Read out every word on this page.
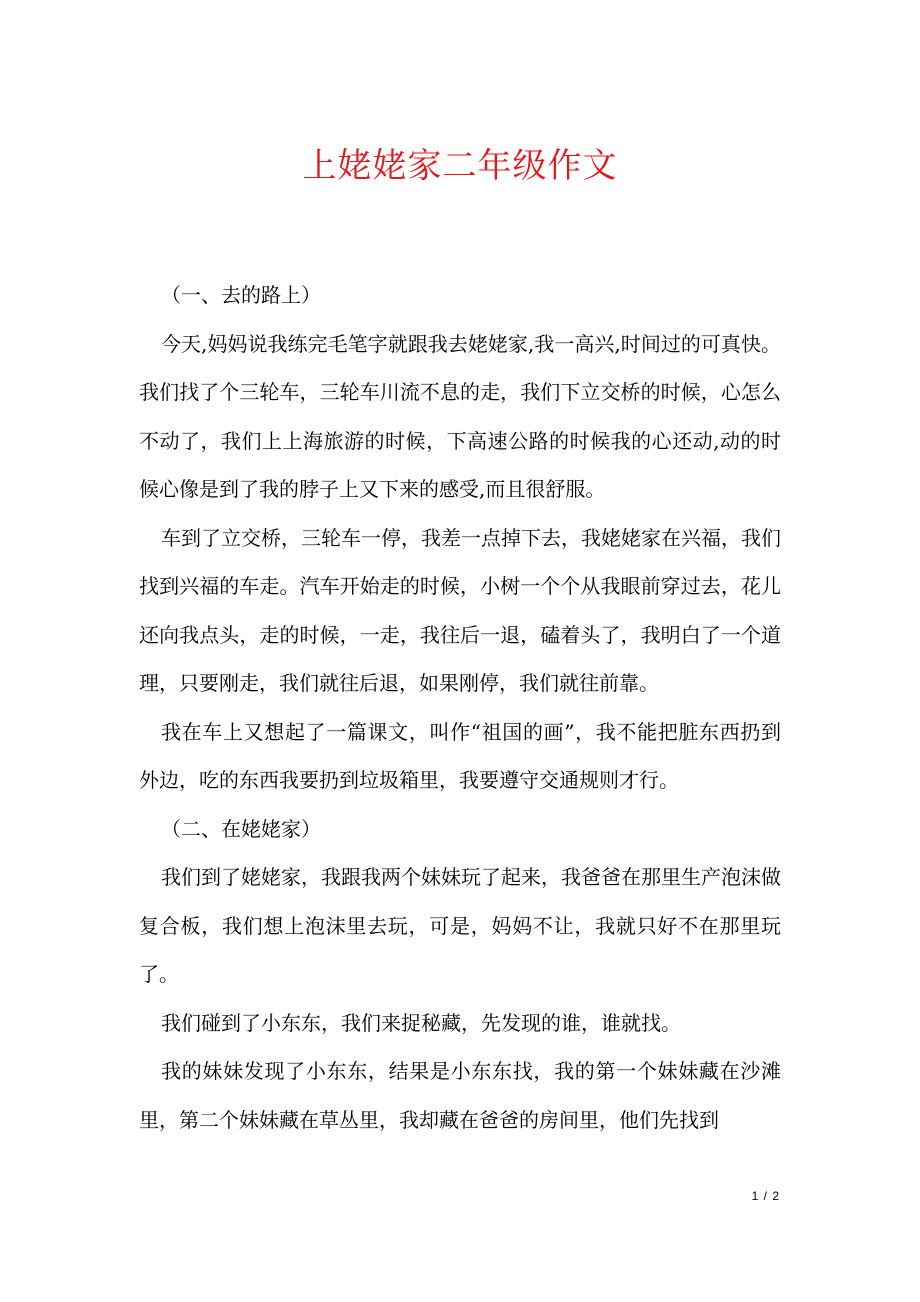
上姥姥家二年级作文

（一、去的路上）

今天,妈妈说我练完毛笔字就跟我去姥姥家,我一高兴,时间过的可真快。我们找了个三轮车，三轮车川流不息的走，我们下立交桥的时候，心怎么不动了，我们上上海旅游的时候，下高速公路的时候我的心还动,动的时候心像是到了我的脖子上又下来的感受,而且很舒服。

车到了立交桥，三轮车一停，我差一点掉下去，我姥姥家在兴福，我们找到兴福的车走。汽车开始走的时候，小树一个个从我眼前穿过去，花儿还向我点头，走的时候，一走，我往后一退，磕着头了，我明白了一个道理，只要刚走，我们就往后退，如果刚停，我们就往前靠。

我在车上又想起了一篇课文，叫作“祖国的画”，我不能把脏东西扔到外边，吃的东西我要扔到垃圾箱里，我要遵守交通规则才行。

（二、在姥姥家）

我们到了姥姥家，我跟我两个妹妹玩了起来，我爸爸在那里生产泡沫做复合板，我们想上泡沫里去玩，可是，妈妈不让，我就只好不在那里玩了。

我们碰到了小东东，我们来捉秘藏，先发现的谁，谁就找。

我的妹妹发现了小东东，结果是小东东找，我的第一个妹妹藏在沙滩里，第二个妹妹藏在草丛里，我却藏在爸爸的房间里，他们先找到

1 / 2
